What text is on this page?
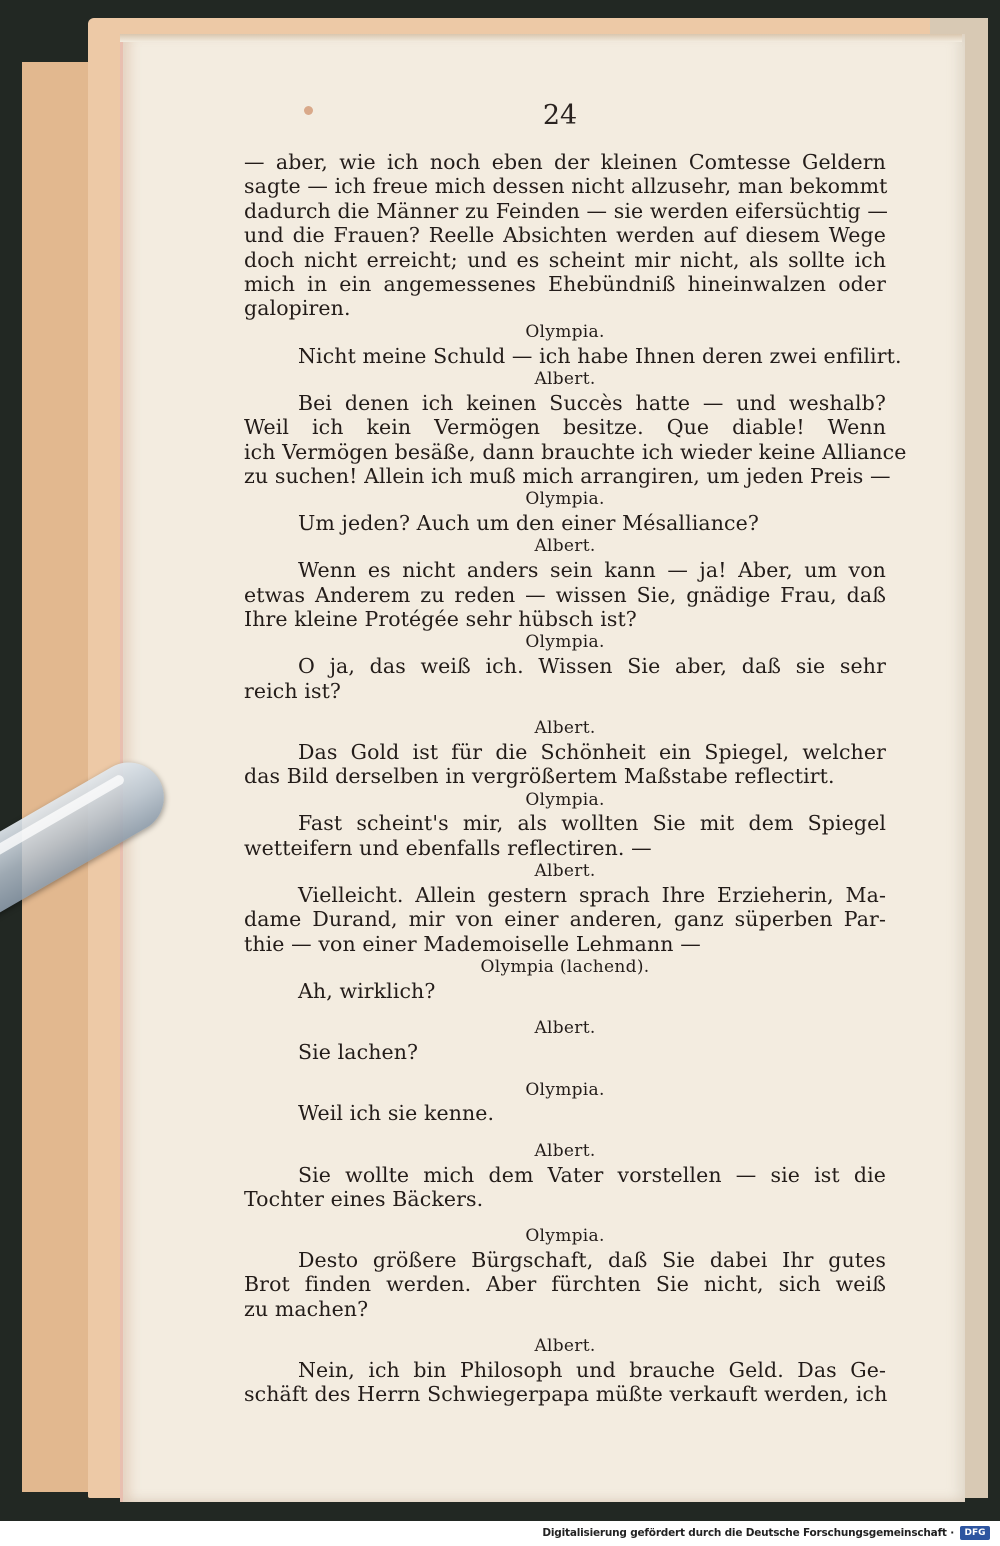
24
— aber, wie ich noch eben der kleinen Comtesse Geldern
sagte — ich freue mich dessen nicht allzusehr, man bekommt
dadurch die Männer zu Feinden — sie werden eifersüchtig —
und die Frauen? Reelle Absichten werden auf diesem Wege
doch nicht erreicht; und es scheint mir nicht, als sollte ich
mich in ein angemessenes Ehebündniß hineinwalzen oder
galopiren.
Olympia.
Nicht meine Schuld — ich habe Ihnen deren zwei enfilirt.
Albert.
Bei denen ich keinen Succès hatte — und weshalb?
Weil ich kein Vermögen besitze. Que diable! Wenn
ich Vermögen besäße, dann brauchte ich wieder keine Alliance
zu suchen! Allein ich muß mich arrangiren, um jeden Preis —
Olympia.
Um jeden? Auch um den einer Mésalliance?
Albert.
Wenn es nicht anders sein kann — ja! Aber, um von
etwas Anderem zu reden — wissen Sie, gnädige Frau, daß
Ihre kleine Protégée sehr hübsch ist?
Olympia.
O ja, das weiß ich. Wissen Sie aber, daß sie sehr
reich ist?
Albert.
Das Gold ist für die Schönheit ein Spiegel, welcher
das Bild derselben in vergrößertem Maßstabe reflectirt.
Olympia.
Fast scheint's mir, als wollten Sie mit dem Spiegel
wetteifern und ebenfalls reflectiren. —
Albert.
Vielleicht. Allein gestern sprach Ihre Erzieherin, Ma-
dame Durand, mir von einer anderen, ganz süperben Par-
thie — von einer Mademoiselle Lehmann —
Olympia (lachend).
Ah, wirklich?
Albert.
Sie lachen?
Olympia.
Weil ich sie kenne.
Albert.
Sie wollte mich dem Vater vorstellen — sie ist die
Tochter eines Bäckers.
Olympia.
Desto größere Bürgschaft, daß Sie dabei Ihr gutes
Brot finden werden. Aber fürchten Sie nicht, sich weiß
zu machen?
Albert.
Nein, ich bin Philosoph und brauche Geld. Das Ge-
schäft des Herrn Schwiegerpapa müßte verkauft werden, ich
Digitalisierung gefördert durch die Deutsche Forschungsgemeinschaft ·	DFG
